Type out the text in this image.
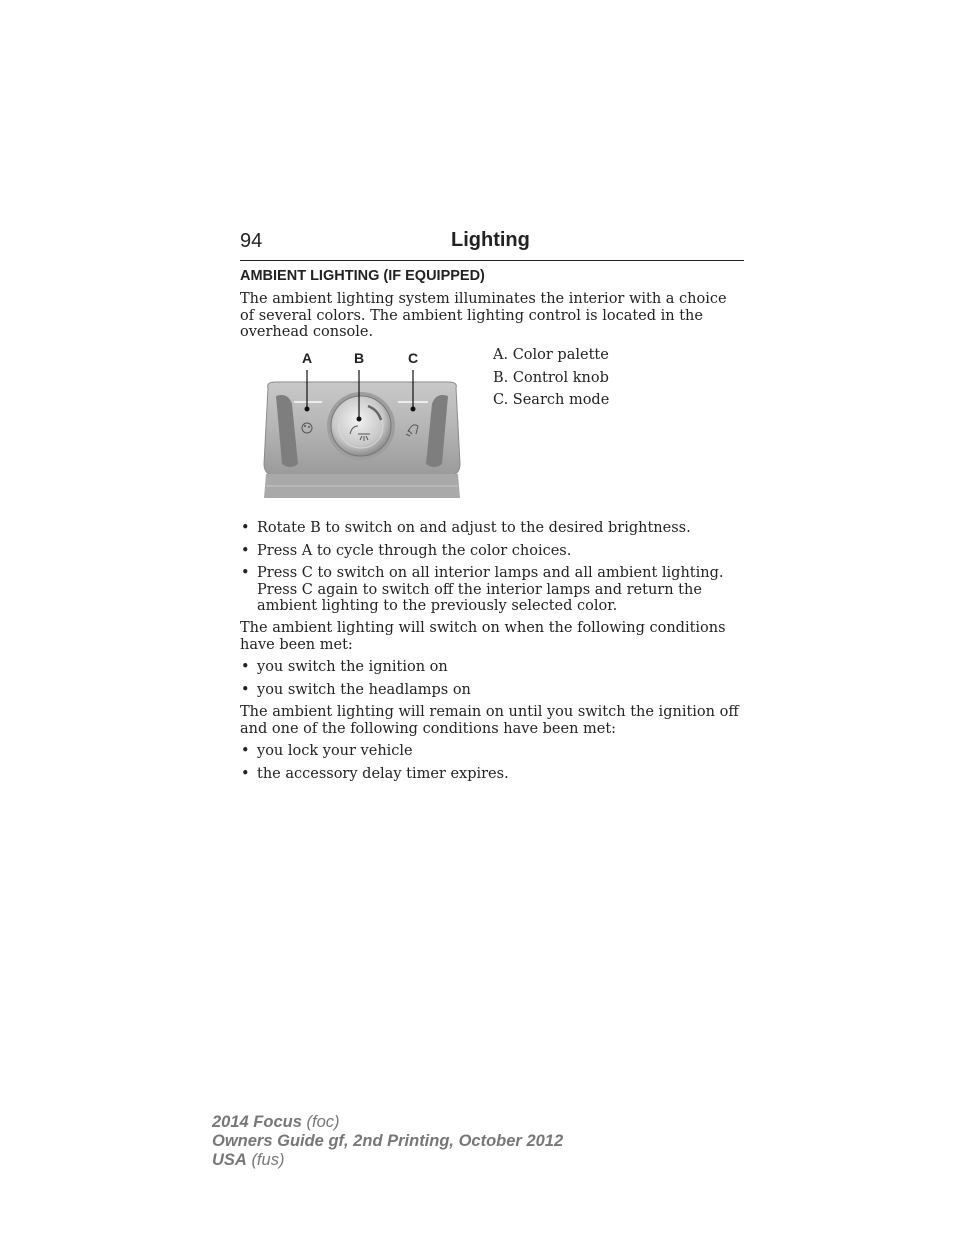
94	Lighting
AMBIENT LIGHTING (IF EQUIPPED)
The ambient lighting system illuminates the interior with a choice of several colors. The ambient lighting control is located in the overhead console.
A	B	C	A. Color palette
B. Control knob
C. Search mode
• Rotate B to switch on and adjust to the desired brightness.
• Press A to cycle through the color choices.
• Press C to switch on all interior lamps and all ambient lighting. Press C again to switch off the interior lamps and return the ambient lighting to the previously selected color.
The ambient lighting will switch on when the following conditions have been met:
• you switch the ignition on
• you switch the headlamps on
The ambient lighting will remain on until you switch the ignition off and one of the following conditions have been met:
• you lock your vehicle
• the accessory delay timer expires.
2014 Focus (foc)
Owners Guide gf, 2nd Printing, October 2012
USA (fus)
